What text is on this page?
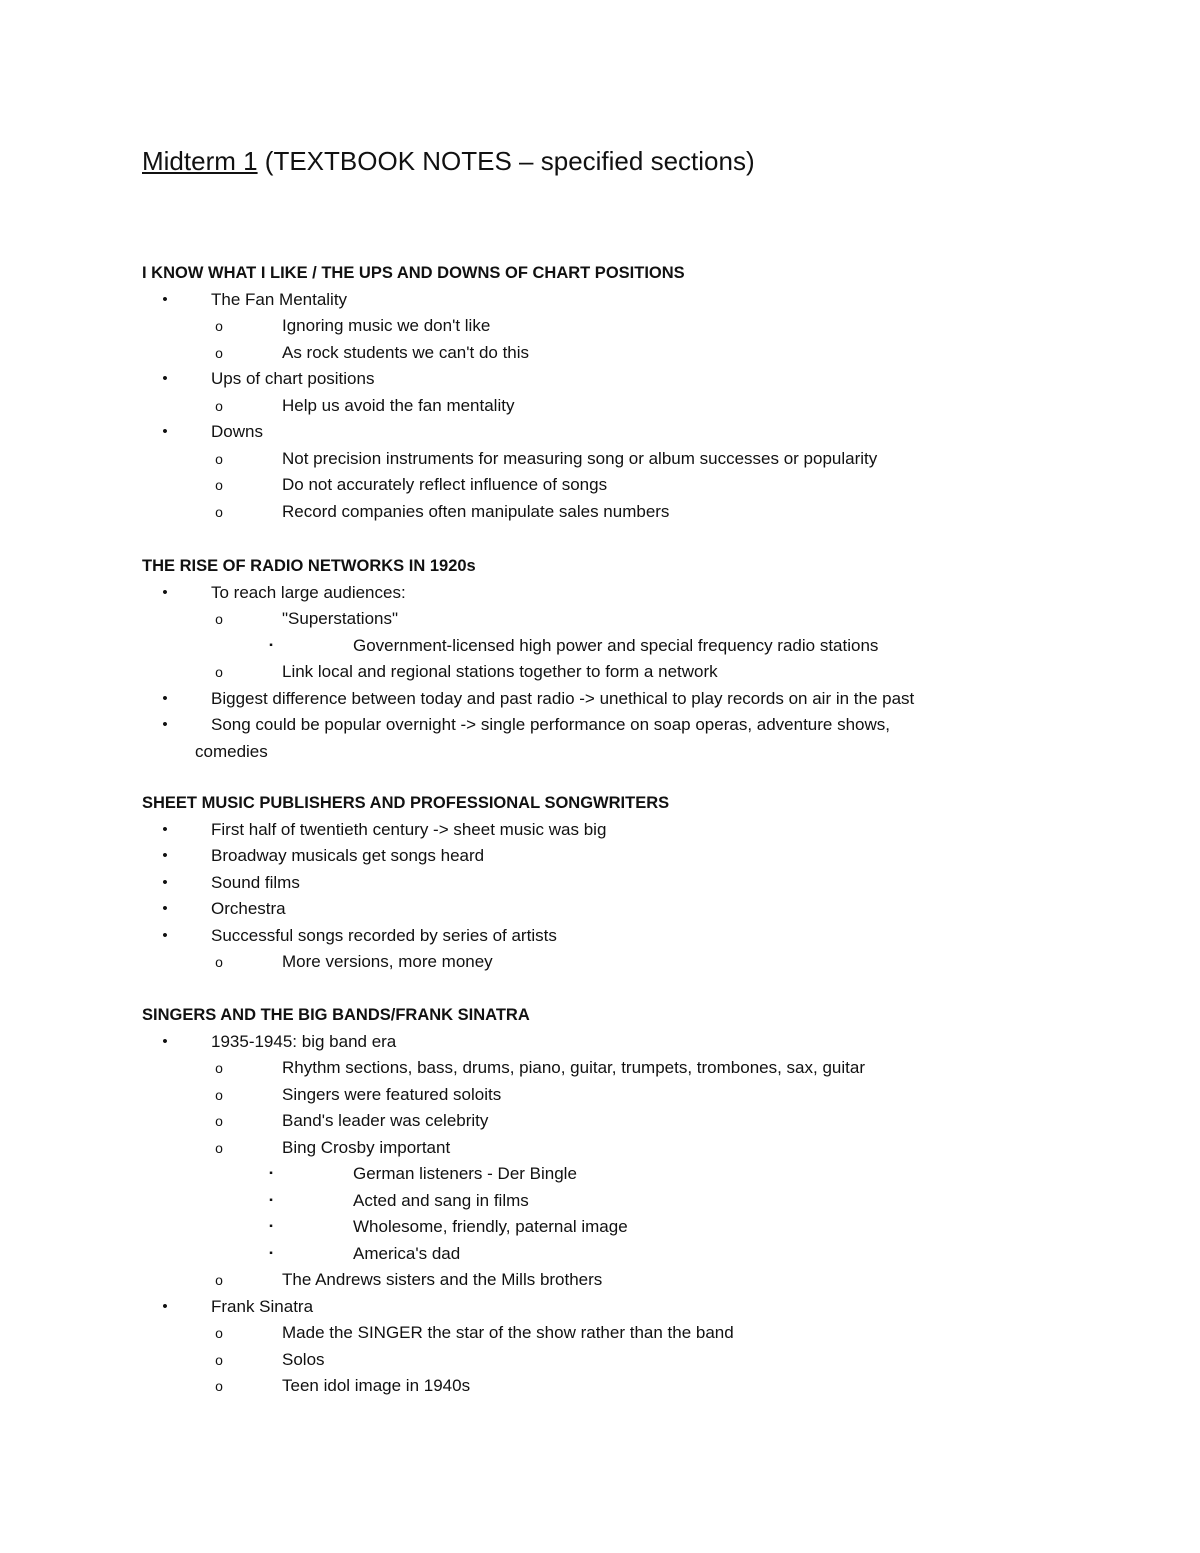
Midterm 1 (TEXTBOOK NOTES – specified sections)
I KNOW WHAT I LIKE / THE UPS AND DOWNS OF CHART POSITIONS
•	The Fan Mentality
o	Ignoring music we don't like
o	As rock students we can't do this
•	Ups of chart positions
o	Help us avoid the fan mentality
•	Downs
o	Not precision instruments for measuring song or album successes or popularity
o	Do not accurately reflect influence of songs
o	Record companies often manipulate sales numbers
THE RISE OF RADIO NETWORKS IN 1920s
•	To reach large audiences:
o	"Superstations"
▪	Government-licensed high power and special frequency radio stations
o	Link local and regional stations together to form a network
•	Biggest difference between today and past radio -> unethical to play records on air in the past
•	Song could be popular overnight -> single performance on soap operas, adventure shows,
comedies
SHEET MUSIC PUBLISHERS AND PROFESSIONAL SONGWRITERS
•	First half of twentieth century -> sheet music was big
•	Broadway musicals get songs heard
•	Sound films
•	Orchestra
•	Successful songs recorded by series of artists
o	More versions, more money
SINGERS AND THE BIG BANDS/FRANK SINATRA
•	1935-1945: big band era
o	Rhythm sections, bass, drums, piano, guitar, trumpets, trombones, sax, guitar
o	Singers were featured soloits
o	Band's leader was celebrity
o	Bing Crosby important
▪	German listeners - Der Bingle
▪	Acted and sang in films
▪	Wholesome, friendly, paternal image
▪	America's dad
o	The Andrews sisters and the Mills brothers
•	Frank Sinatra
o	Made the SINGER the star of the show rather than the band
o	Solos
o	Teen idol image in 1940s
